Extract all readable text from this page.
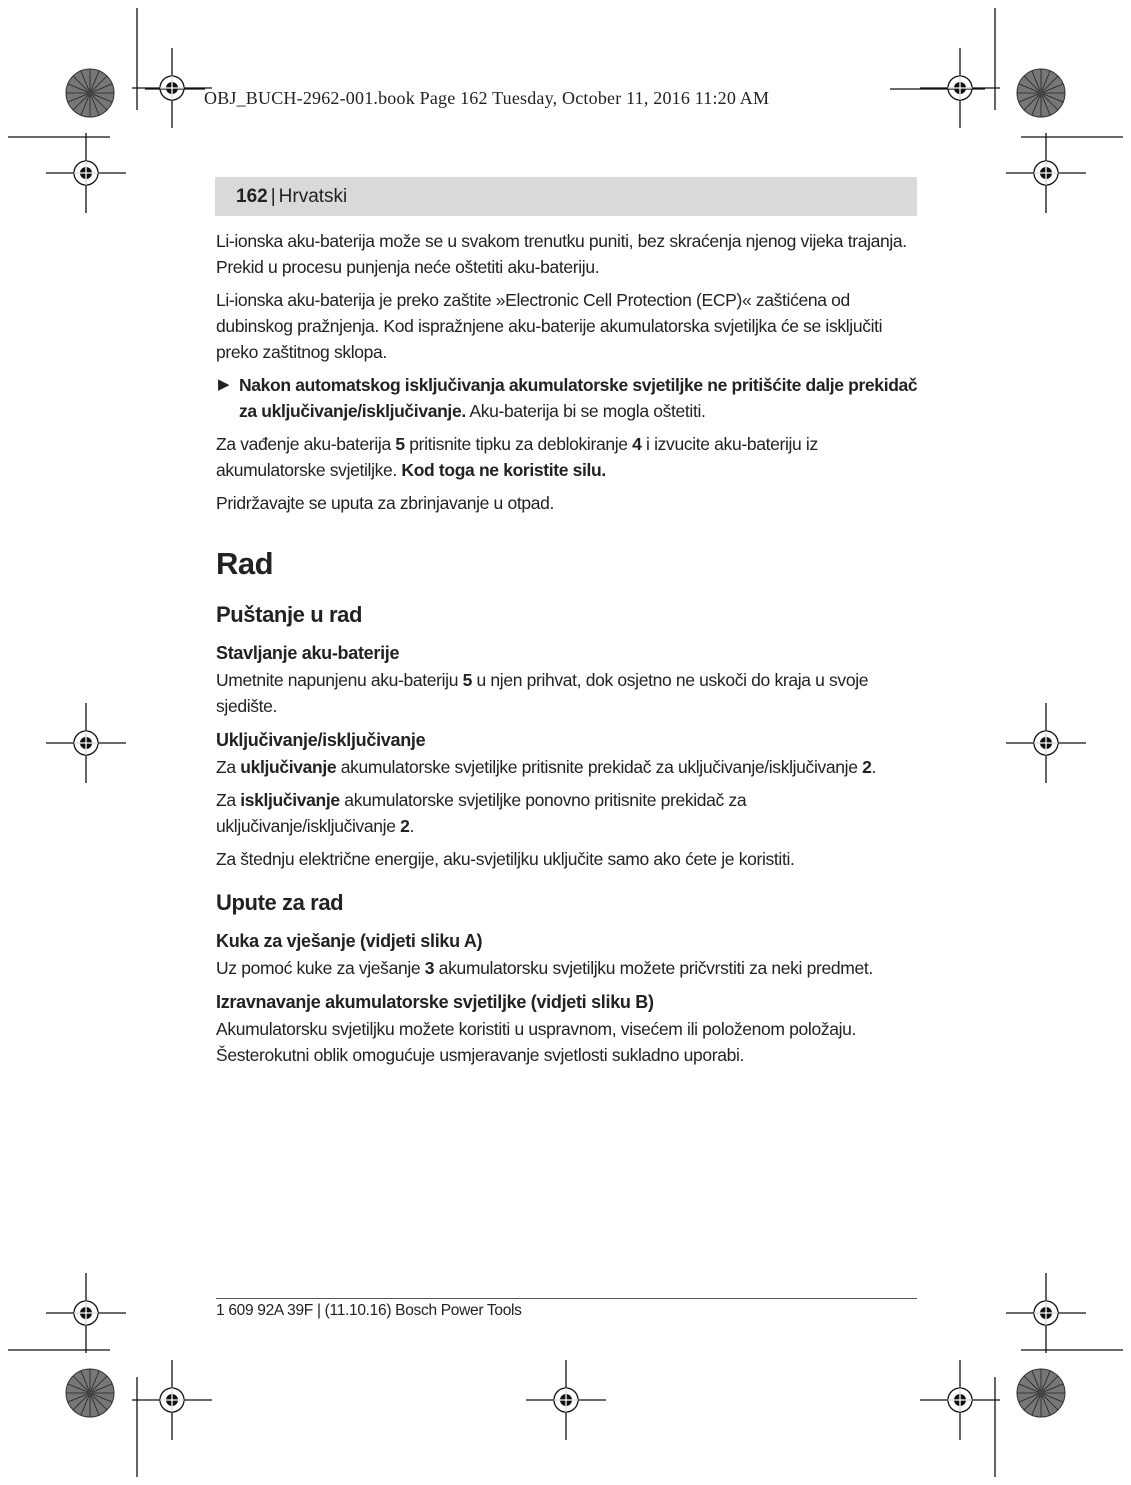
OBJ_BUCH-2962-001.book Page 162 Tuesday, October 11, 2016 11:20 AM
162 | Hrvatski

Li-ionska aku-baterija može se u svakom trenutku puniti, bez skraćenja njenog vijeka trajanja. Prekid u procesu punjenja neće oštetiti aku-bateriju.

Li-ionska aku-baterija je preko zaštite »Electronic Cell Protection (ECP)« zaštićena od dubinskog pražnjenja. Kod ispražnjene aku-baterije akumulatorska svjetiljka će se isključiti preko zaštitnog sklopa.

▶ Nakon automatskog isključivanja akumulatorske svjetiljke ne pritišćite dalje prekidač za uključivanje/isključivanje. Aku-baterija bi se mogla oštetiti.

Za vađenje aku-baterija 5 pritisnite tipku za deblokiranje 4 i izvucite aku-bateriju iz akumulatorske svjetiljke. Kod toga ne koristite silu.

Pridržavajte se uputa za zbrinjavanje u otpad.

Rad
Puštanje u rad
Stavljanje aku-baterije

Umetnite napunjenu aku-bateriju 5 u njen prihvat, dok osjetno ne uskoči do kraja u svoje sjedište.

Uključivanje/isključivanje

Za uključivanje akumulatorske svjetiljke pritisnite prekidač za uključivanje/isključivanje 2.

Za isključivanje akumulatorske svjetiljke ponovno pritisnite prekidač za uključivanje/isključivanje 2.

Za štednju električne energije, aku-svjetiljku uključite samo ako ćete je koristiti.

Upute za rad
Kuka za vješanje (vidjeti sliku A)

Uz pomoć kuke za vješanje 3 akumulatorsku svjetiljku možete pričvrstiti za neki predmet.

Izravnavanje akumulatorske svjetiljke (vidjeti sliku B)

Akumulatorsku svjetiljku možete koristiti u uspravnom, visećem ili položenom položaju. Šesterokutni oblik omogućuje usmjeravanje svjetlosti sukladno uporabi.

1 609 92A 39F | (11.10.16) Bosch Power Tools
